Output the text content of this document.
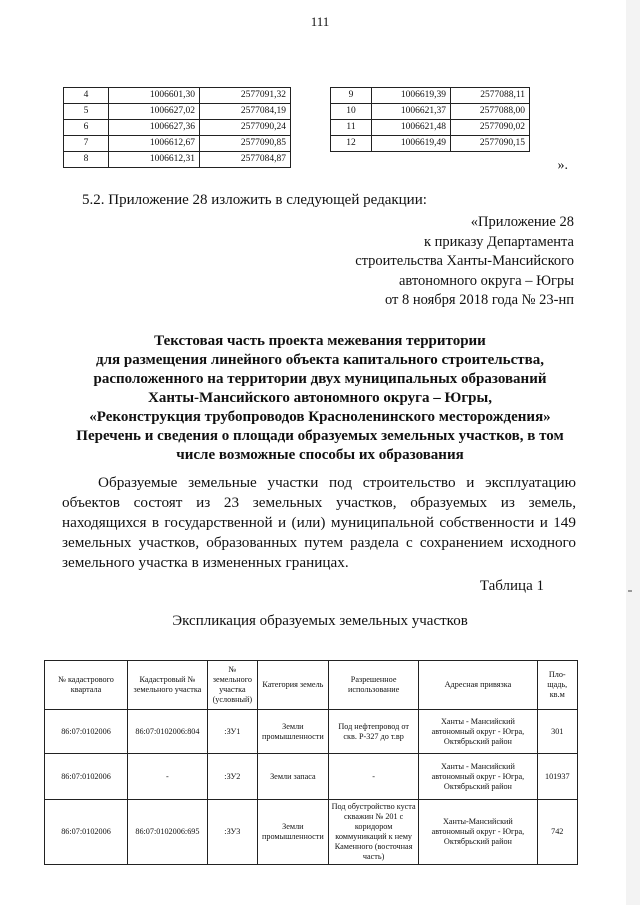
111
4	1006601,30	2577091,32
5	1006627,02	2577084,19
6	1006627,36	2577090,24
7	1006612,67	2577090,85
8	1006612,31	2577084,87
9	1006619,39	2577088,11
10	1006621,37	2577088,00
11	1006621,48	2577090,02
12	1006619,49	2577090,15
».
5.2. Приложение 28 изложить в следующей редакции:
«Приложение 28
к приказу Департамента
строительства Ханты-Мансийского
автономного округа – Югры
от 8 ноября 2018 года № 23-нп
Текстовая часть проекта межевания территории
для размещения линейного объекта капитального строительства,
расположенного на территории двух муниципальных образований
Ханты-Мансийского автономного округа – Югры,
«Реконструкция трубопроводов Красноленинского месторождения»
Перечень и сведения о площади образуемых земельных участков, в том
числе возможные способы их образования
Образуемые земельные участки под строительство и эксплуатацию объектов состоят из 23 земельных участков, образуемых из земель, находящихся в государственной и (или) муниципальной собственности и 149 земельных участков, образованных путем раздела с сохранением исходного земельного участка в измененных границах.
Таблица 1
Экспликация образуемых земельных участков
№ кадастрового квартала	Кадастровый № земельного участка	№ земельного участка (условный)	Категория земель	Разрешенное использование	Адресная привязка	Пло-щадь, кв.м
86:07:0102006	86:07:0102006:804	:ЗУ1	Земли промышленности	Под нефтепровод от скв. Р-327 до т.вр	Ханты - Мансийский автономный округ - Югра, Октябрьский район	301
86:07:0102006	-	:ЗУ2	Земли запаса	-	Ханты - Мансийский автономный округ - Югра, Октябрьский район	101937
86:07:0102006	86:07:0102006:695	:ЗУ3	Земли промышленности	Под обустройство куста скважин № 201 с коридором коммуникаций к нему Каменного (восточная часть)	Ханты-Мансийский автономный округ - Югра, Октябрьский район	742
